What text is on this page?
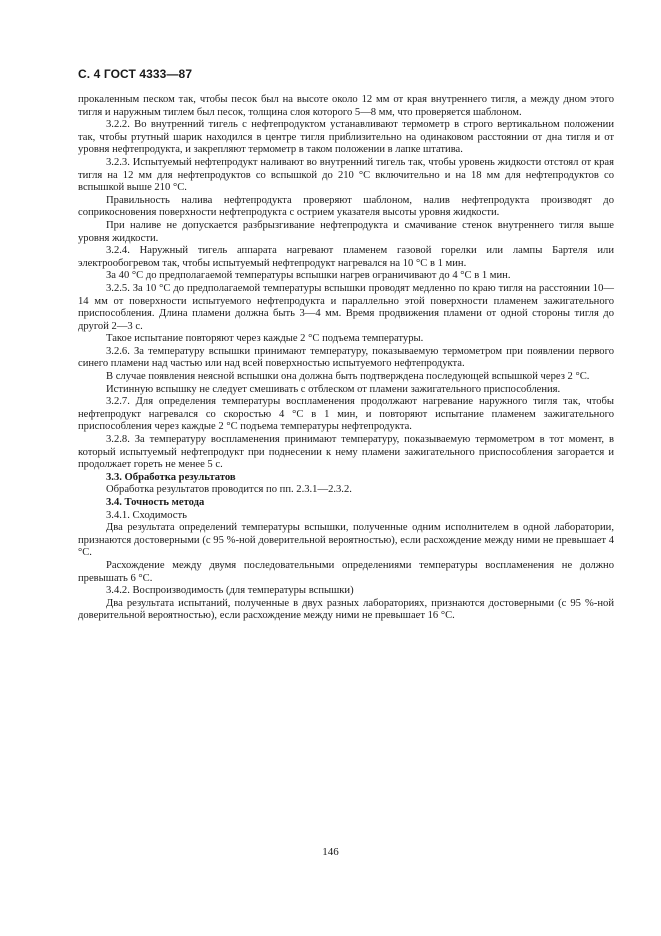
С. 4 ГОСТ 4333—87

прокаленным песком так, чтобы песок был на высоте около 12 мм от края внутреннего тигля, а между дном этого тигля и наружным тиглем был песок, толщина слоя которого 5—8 мм, что проверяется шаблоном.

3.2.2. Во внутренний тигель с нефтепродуктом устанавливают термометр в строго вертикальном положении так, чтобы ртутный шарик находился в центре тигля приблизительно на одинаковом расстоянии от дна тигля и от уровня нефтепродукта, и закрепляют термометр в таком положении в лапке штатива.

3.2.3. Испытуемый нефтепродукт наливают во внутренний тигель так, чтобы уровень жидкости отстоял от края тигля на 12 мм для нефтепродуктов со вспышкой до 210 °С включительно и на 18 мм для нефтепродуктов со вспышкой выше 210 °С.

Правильность налива нефтепродукта проверяют шаблоном, налив нефтепродукта производят до соприкосновения поверхности нефтепродукта с острием указателя высоты уровня жидкости.

При наливе не допускается разбрызгивание нефтепродукта и смачивание стенок внутреннего тигля выше уровня жидкости.

3.2.4. Наружный тигель аппарата нагревают пламенем газовой горелки или лампы Бартеля или электрообогревом так, чтобы испытуемый нефтепродукт нагревался на 10 °С в 1 мин.

За 40 °С до предполагаемой температуры вспышки нагрев ограничивают до 4 °С в 1 мин.

3.2.5. За 10 °С до предполагаемой температуры вспышки проводят медленно по краю тигля на расстоянии 10—14 мм от поверхности испытуемого нефтепродукта и параллельно этой поверхности пламенем зажигательного приспособления. Длина пламени должна быть 3—4 мм. Время продвижения пламени от одной стороны тигля до другой 2—3 с.

Такое испытание повторяют через каждые 2 °С подъема температуры.

3.2.6. За температуру вспышки принимают температуру, показываемую термометром при появлении первого синего пламени над частью или над всей поверхностью испытуемого нефтепродукта.

В случае появления неясной вспышки она должна быть подтверждена последующей вспышкой через 2 °С.

Истинную вспышку не следует смешивать с отблеском от пламени зажигательного приспособления.

3.2.7. Для определения температуры воспламенения продолжают нагревание наружного тигля так, чтобы нефтепродукт нагревался со скоростью 4 °С в 1 мин, и повторяют испытание пламенем зажигательного приспособления через каждые 2 °С подъема температуры нефтепродукта.

3.2.8. За температуру воспламенения принимают температуру, показываемую термометром в тот момент, в который испытуемый нефтепродукт при поднесении к нему пламени зажигательного приспособления загорается и продолжает гореть не менее 5 с.

3.3. Обработка результатов

Обработка результатов проводится по пп. 2.3.1—2.3.2.

3.4. Точность метода

3.4.1. Сходимость

Два результата определений температуры вспышки, полученные одним исполнителем в одной лаборатории, признаются достоверными (с 95 %-ной доверительной вероятностью), если расхождение между ними не превышает 4 °С.

Расхождение между двумя последовательными определениями температуры воспламенения не должно превышать 6 °С.

3.4.2. Воспроизводимость (для температуры вспышки)

Два результата испытаний, полученные в двух разных лабораториях, признаются достоверными (с 95 %-ной доверительной вероятностью), если расхождение между ними не превышает 16 °С.

146
